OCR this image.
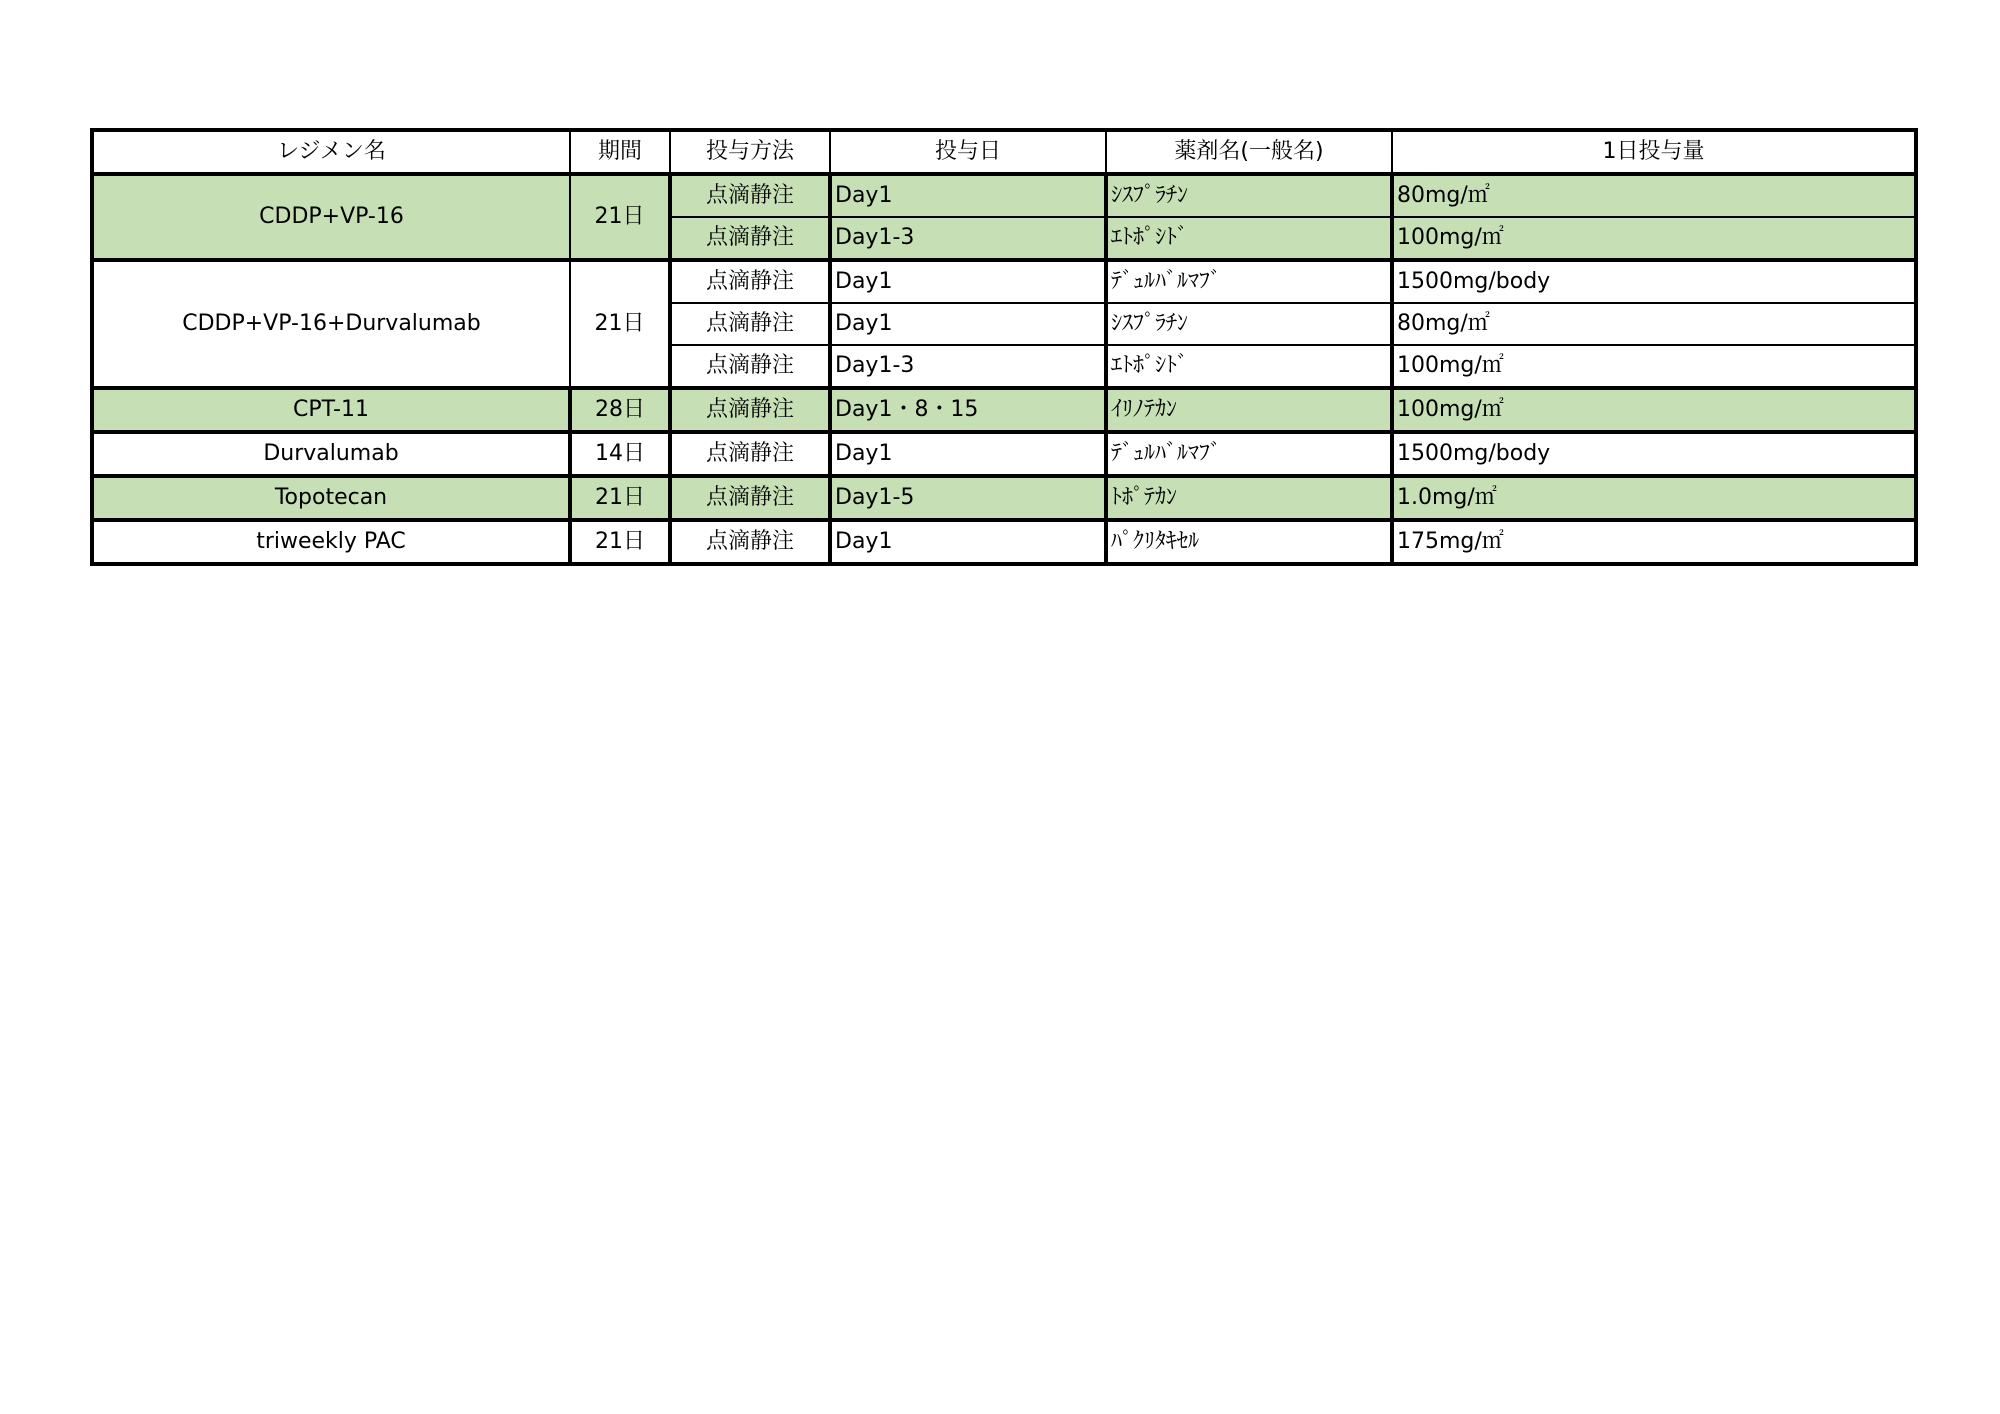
レジメン名	期間	投与方法	投与日	薬剤名(一般名)	1日投与量
CDDP+VP-16	21日	点滴静注	Day1	ｼｽﾌﾟﾗﾁﾝ	80mg/㎡
		点滴静注	Day1-3	ｴﾄﾎﾟｼﾄﾞ	100mg/㎡
CDDP+VP-16+Durvalumab	21日	点滴静注	Day1	ﾃﾞｭﾙﾊﾞﾙﾏﾌﾞ	1500mg/body
		点滴静注	Day1	ｼｽﾌﾟﾗﾁﾝ	80mg/㎡
		点滴静注	Day1-3	ｴﾄﾎﾟｼﾄﾞ	100mg/㎡
CPT-11	28日	点滴静注	Day1・8・15	ｲﾘﾉﾃｶﾝ	100mg/㎡
Durvalumab	14日	点滴静注	Day1	ﾃﾞｭﾙﾊﾞﾙﾏﾌﾞ	1500mg/body
Topotecan	21日	点滴静注	Day1-5	ﾄﾎﾟﾃｶﾝ	1.0mg/㎡
triweekly PAC	21日	点滴静注	Day1	ﾊﾟｸﾘﾀｷｾﾙ	175mg/㎡
